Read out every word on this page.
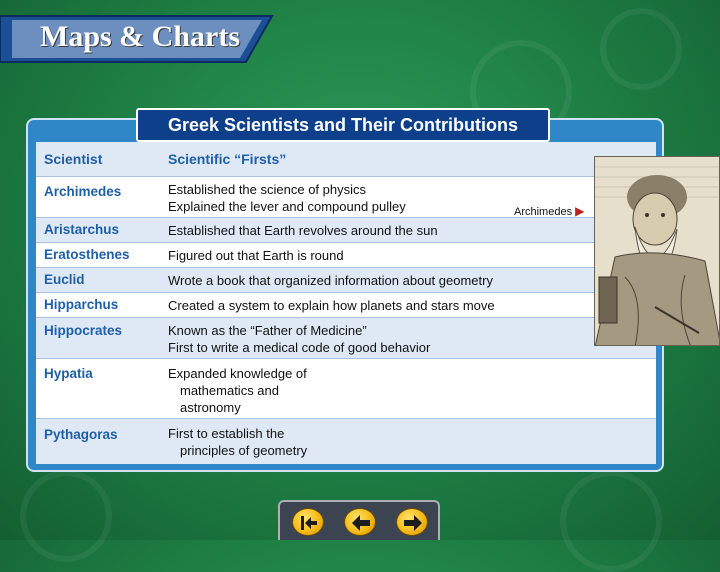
Maps & Charts
Scientist	Scientific “Firsts”
Archimedes	Established the science of physics
Explained the lever and compound pulley
Aristarchus	Established that Earth revolves around the sun
Eratosthenes	Figured out that Earth is round
Euclid	Wrote a book that organized information about geometry
Hipparchus	Created a system to explain how planets and stars move
Hippocrates	Known as the “Father of Medicine”
First to write a medical code of good behavior
Hypatia	Expanded knowledge of
mathematics and
astronomy
Pythagoras	First to establish the
principles of geometry
Archimedes ▶
Greek Scientists and Their Contributions
